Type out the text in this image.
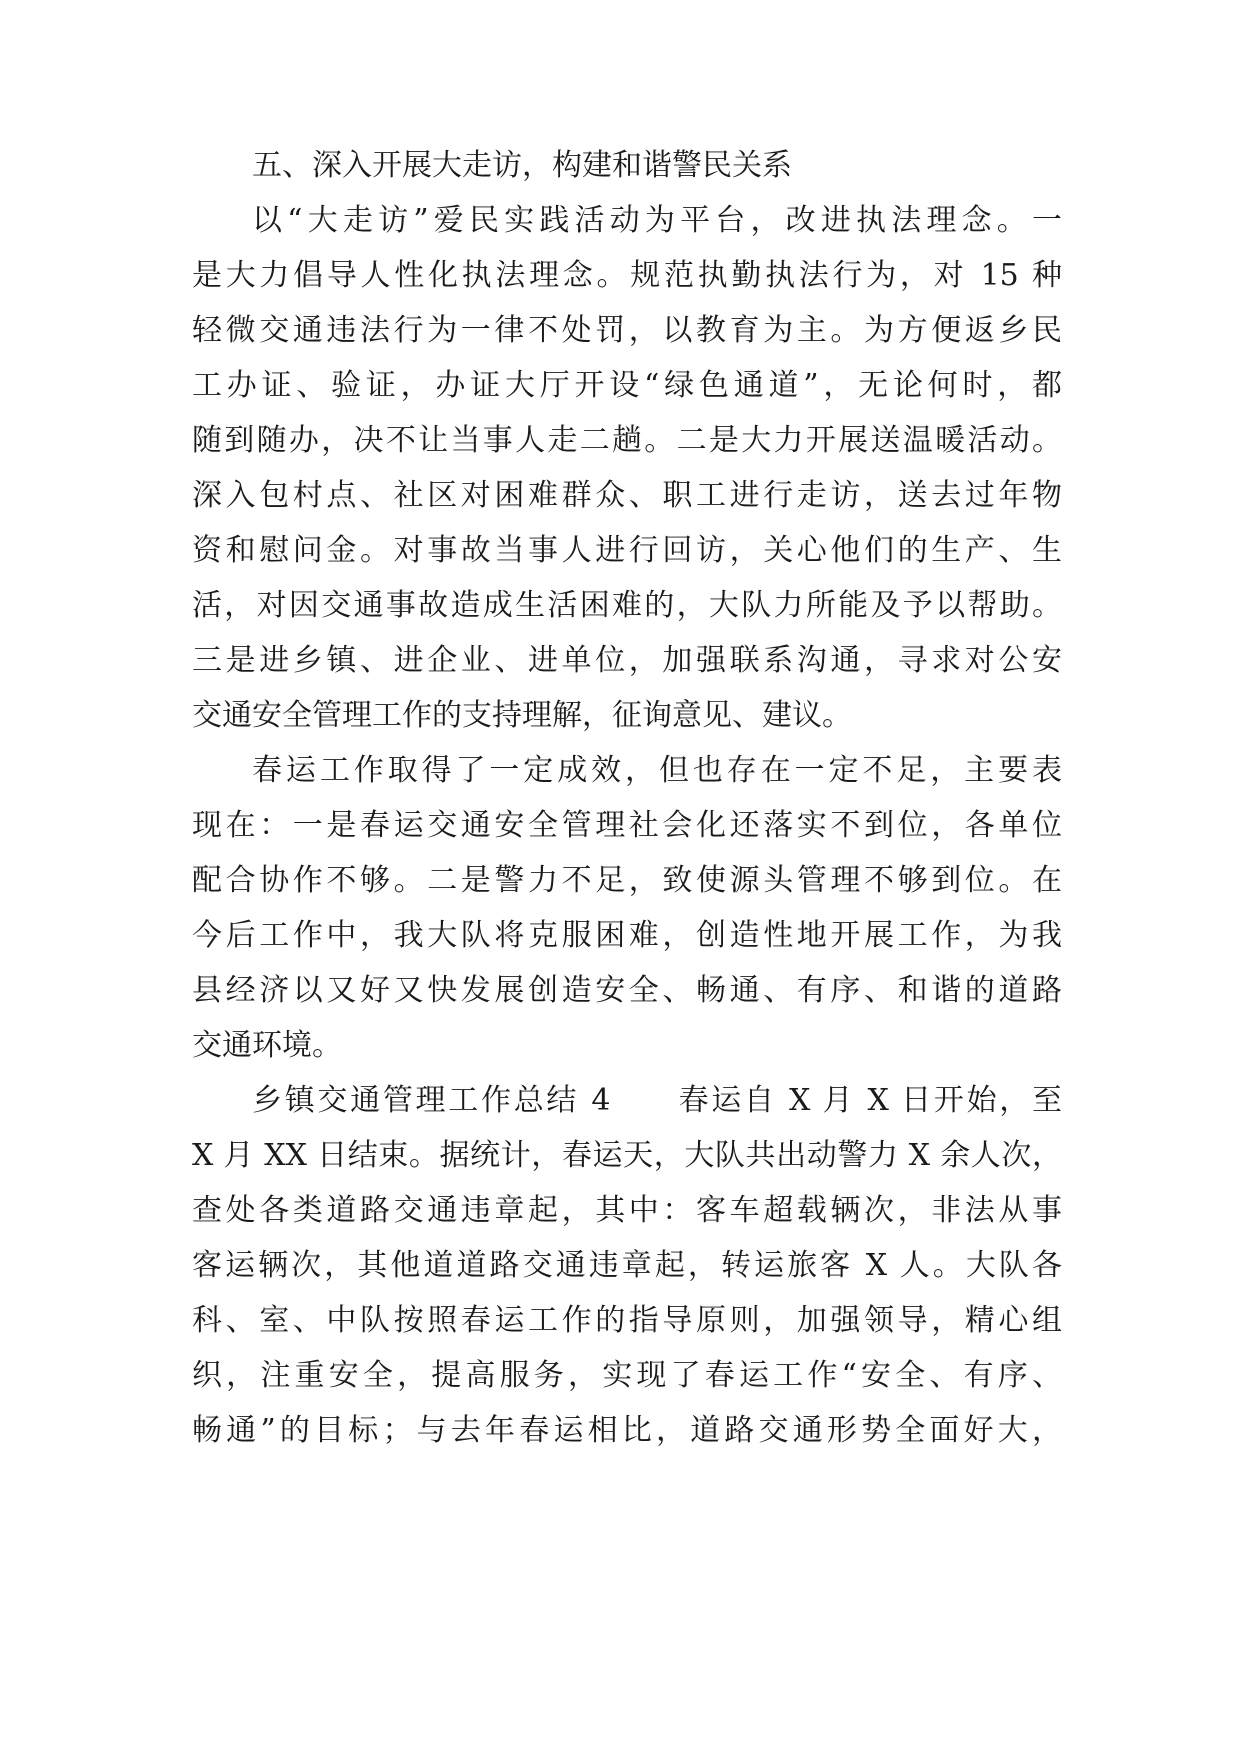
五、深入开展大走访，构建和谐警民关系
以“大走访”爱民实践活动为平台，改进执法理念。一
是大力倡导人性化执法理念。规范执勤执法行为，对 15 种
轻微交通违法行为一律不处罚，以教育为主。为方便返乡民
工办证、验证，办证大厅开设“绿色通道”，无论何时，都
随到随办，决不让当事人走二趟。二是大力开展送温暖活动。
深入包村点、社区对困难群众、职工进行走访，送去过年物
资和慰问金。对事故当事人进行回访，关心他们的生产、生
活，对因交通事故造成生活困难的，大队力所能及予以帮助。
三是进乡镇、进企业、进单位，加强联系沟通，寻求对公安
交通安全管理工作的支持理解，征询意见、建议。
春运工作取得了一定成效，但也存在一定不足，主要表
现在：一是春运交通安全管理社会化还落实不到位，各单位
配合协作不够。二是警力不足，致使源头管理不够到位。在
今后工作中，我大队将克服困难，创造性地开展工作，为我
县经济以又好又快发展创造安全、畅通、有序、和谐的道路
交通环境。
乡镇交通管理工作总结 4　　春运自 X 月 X 日开始，至
X 月 XX 日结束。据统计，春运天，大队共出动警力 X 余人次，
查处各类道路交通违章起，其中：客车超载辆次，非法从事
客运辆次，其他道道路交通违章起，转运旅客 X 人。大队各
科、室、中队按照春运工作的指导原则，加强领导，精心组
织，注重安全，提高服务，实现了春运工作“安全、有序、
畅通”的目标；与去年春运相比，道路交通形势全面好大，
